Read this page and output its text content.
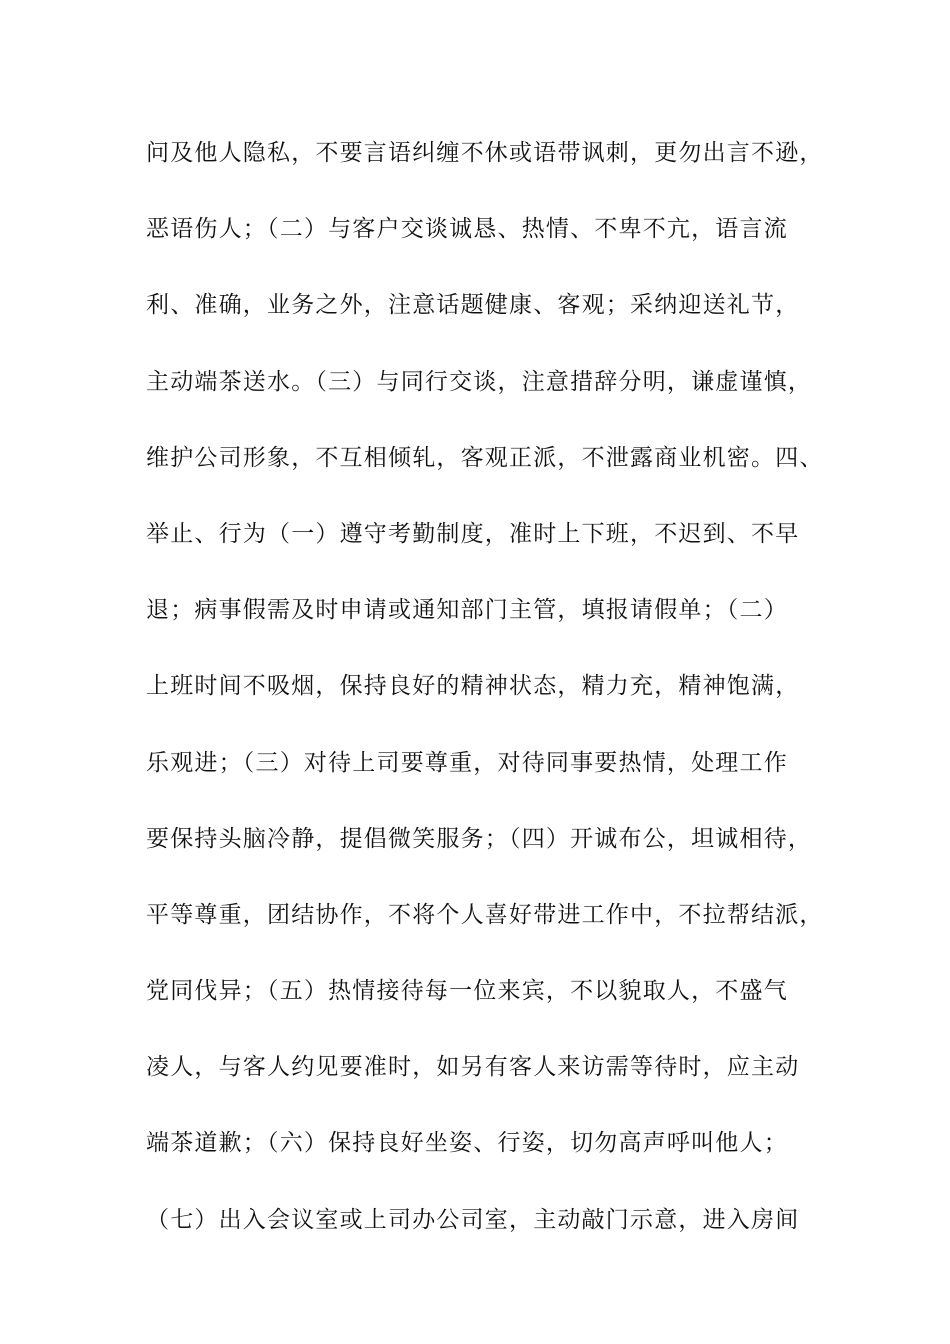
问及他人隐私，不要言语纠缠不休或语带讽刺，更勿出言不逊，
恶语伤人；（二）与客户交谈诚恳、热情、不卑不亢，语言流
利、准确，业务之外，注意话题健康、客观；采纳迎送礼节，
主动端茶送水。（三）与同行交谈，注意措辞分明，谦虚谨慎，
维护公司形象，不互相倾轧，客观正派，不泄露商业机密。四、
举止、行为（一）遵守考勤制度，准时上下班，不迟到、不早
退；病事假需及时申请或通知部门主管，填报请假单；（二）
上班时间不吸烟，保持良好的精神状态，精力充，精神饱满，
乐观进；（三）对待上司要尊重，对待同事要热情，处理工作
要保持头脑冷静，提倡微笑服务；（四）开诚布公，坦诚相待，
平等尊重，团结协作，不将个人喜好带进工作中，不拉帮结派，
党同伐异；（五）热情接待每一位来宾，不以貌取人，不盛气
凌人，与客人约见要准时，如另有客人来访需等待时，应主动
端茶道歉；（六）保持良好坐姿、行姿，切勿高声呼叫他人；
（七）出入会议室或上司办公司室，主动敲门示意，进入房间
